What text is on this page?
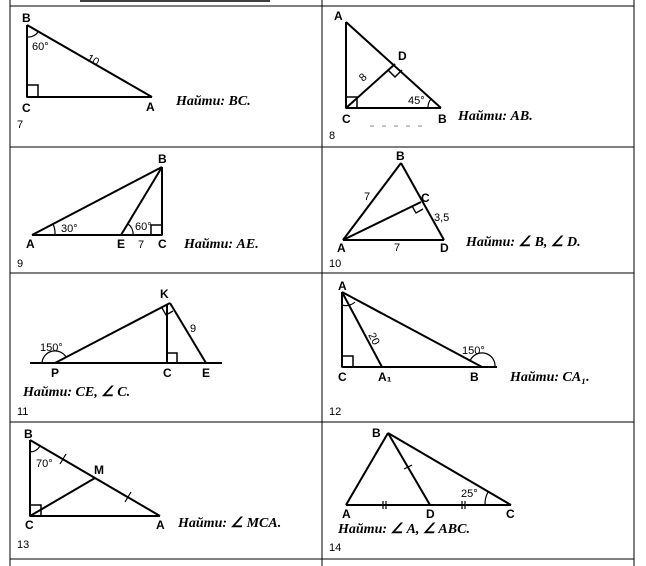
B
C	A
60°
10
Найти: BC.
7
A
D
C	B
45°
8
Найти: AB.
8
B
A	E	C
30°	60°
7	Найти: AE.
9
B
C
A	D
7
3,5
7	Найти: ∠ B, ∠ D.
10
K
P	C	E
150°
9
Найти: CE, ∠ C.
11
A
C	A₁	B
150°
20
Найти: CA₁.
12
B
M
C	A
70°
Найти: ∠ MCA.
13
B
A	D	C
25°
Найти: ∠ A, ∠ ABC.
14
